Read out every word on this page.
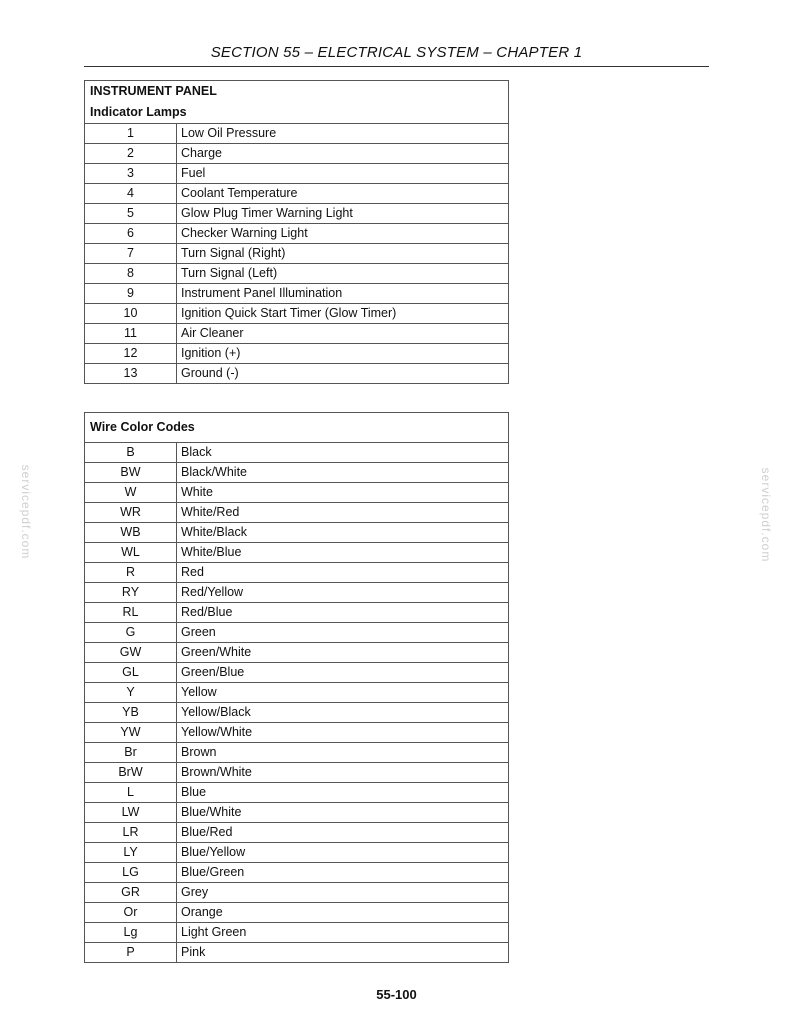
SECTION 55 – ELECTRICAL SYSTEM – CHAPTER 1
servicepdf.com	servicepdf.com
INSTRUMENT PANEL	
Indicator Lamps	
1	Low Oil Pressure
2	Charge
3	Fuel
4	Coolant Temperature
5	Glow Plug Timer Warning Light
6	Checker Warning Light
7	Turn Signal (Right)
8	Turn Signal (Left)
9	Instrument Panel Illumination
10	Ignition Quick Start Timer (Glow Timer)
11	Air Cleaner
12	Ignition (+)
13	Ground (-)
Wire Color Codes	
B	Black
BW	Black/White
W	White
WR	White/Red
WB	White/Black
WL	White/Blue
R	Red
RY	Red/Yellow
RL	Red/Blue
G	Green
GW	Green/White
GL	Green/Blue
Y	Yellow
YB	Yellow/Black
YW	Yellow/White
Br	Brown
BrW	Brown/White
L	Blue
LW	Blue/White
LR	Blue/Red
LY	Blue/Yellow
LG	Blue/Green
GR	Grey
Or	Orange
Lg	Light Green
P	Pink
55-100
